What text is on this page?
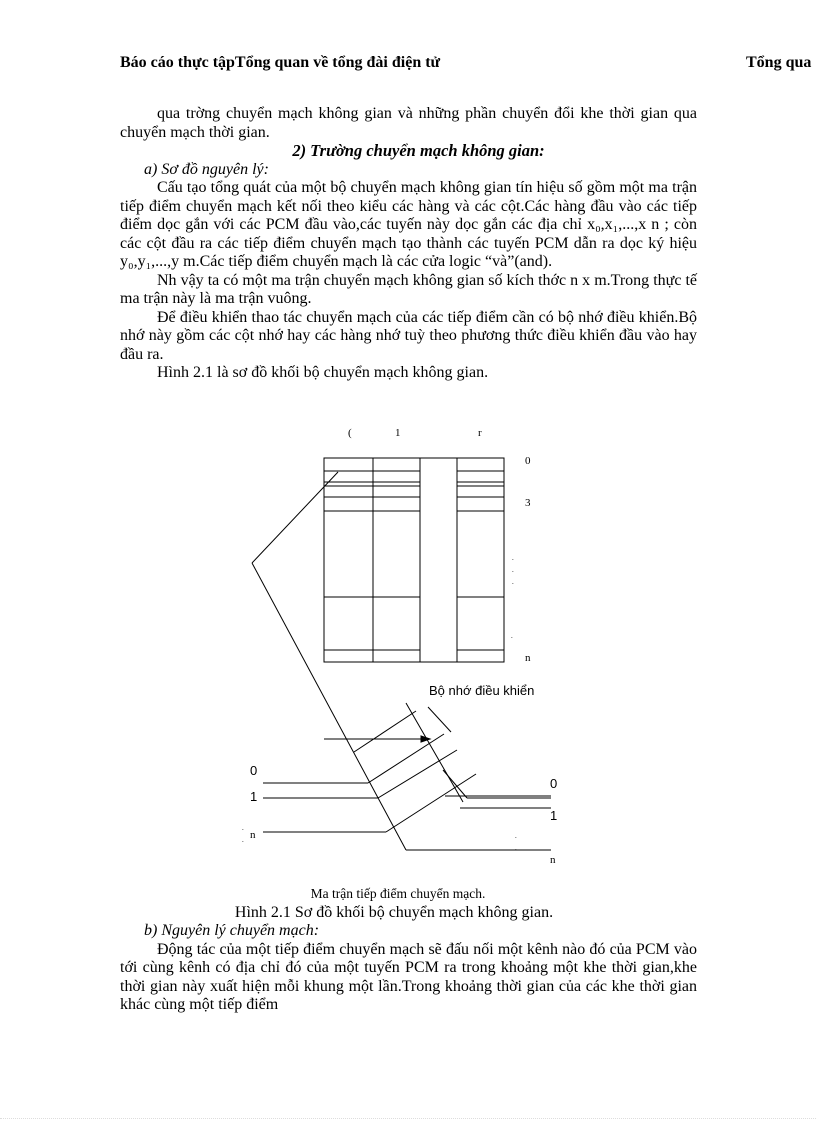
Báo cáo thực tậpTổng quan về tổng đài điện tử	Tổng qua

qua trờng chuyển mạch không gian và những phần chuyển đổi khe thời gian qua chuyển mạch thời gian.

2) Trường chuyển mạch không gian:

a) Sơ đồ nguyên lý:

Cấu tạo tổng quát của một bộ chuyển mạch không gian tín hiệu số gồm một ma trận tiếp điểm chuyển mạch kết nối theo kiểu các hàng và các cột.Các hàng đầu vào các tiếp điểm dọc gắn với các PCM đầu vào,các tuyến này dọc gắn các địa chỉ x₀,x₁,...,x n ; còn các cột đầu ra các tiếp điểm chuyển mạch tạo thành các tuyến PCM dẫn ra dọc ký hiệu y₀,y₁,...,y m.Các tiếp điểm chuyển mạch là các cửa logic “và”(and).

Nh vậy ta có một ma trận chuyển mạch không gian số kích thớc n x m.Trong thực tế ma trận này là ma trận vuông.

Để điều khiển thao tác chuyển mạch của các tiếp điểm cần có bộ nhớ điều khiển.Bộ nhớ này gồm các cột nhớ hay các hàng nhớ tuỳ theo phương thức điều khiển đầu vào hay đầu ra.

Hình 2.1 là sơ đồ khối bộ chuyển mạch không gian.

(	1	r
0
3
n
.
.
.
.
Bộ nhớ điều khiển
0
1
n
.
.
0
1
n
.
.
Ma trận tiếp điểm chuyển mạch.
Hình 2.1 Sơ đồ khối bộ chuyển mạch không gian.

b) Nguyên lý chuyển mạch:

Động tác của một tiếp điểm chuyển mạch sẽ đấu nối một kênh nào đó của PCM vào tới cùng kênh có địa chỉ đó của một tuyến PCM ra trong khoảng một khe thời gian,khe thời gian này xuất hiện mỗi khung một lần.Trong khoảng thời gian của các khe thời gian khác cùng một tiếp điểm
